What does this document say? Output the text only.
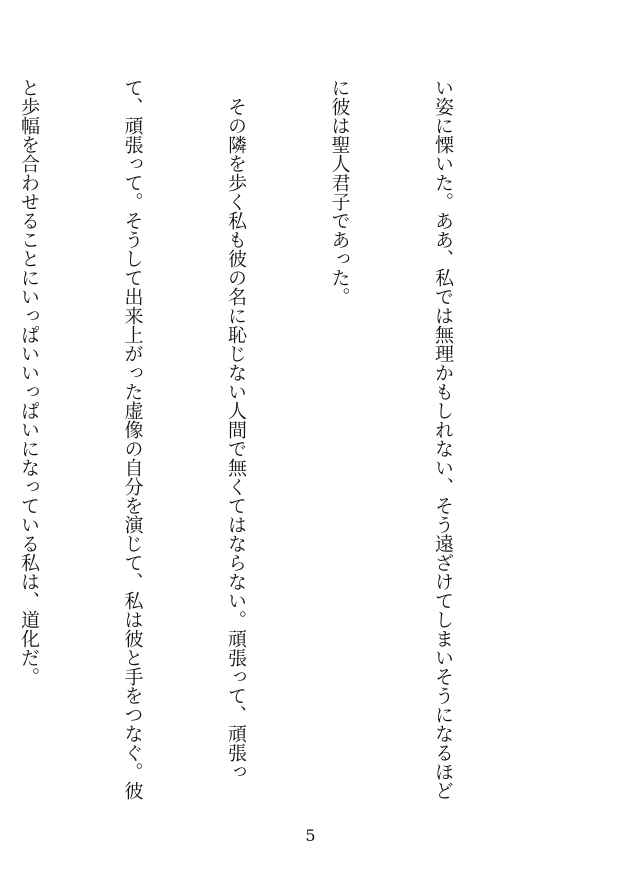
い姿に慄いた。ああ、私では無理かもしれない、そう遠ざけてしまいそうになるほど

に彼は聖人君子であった。

　その隣を歩く私も彼の名に恥じない人間で無くてはならない。頑張って、頑張っ

て、頑張って。そうして出来上がった虚像の自分を演じて、私は彼と手をつなぐ。彼

と歩幅を合わせることにいっぱいいっぱいになっている私は、道化だ。

5
